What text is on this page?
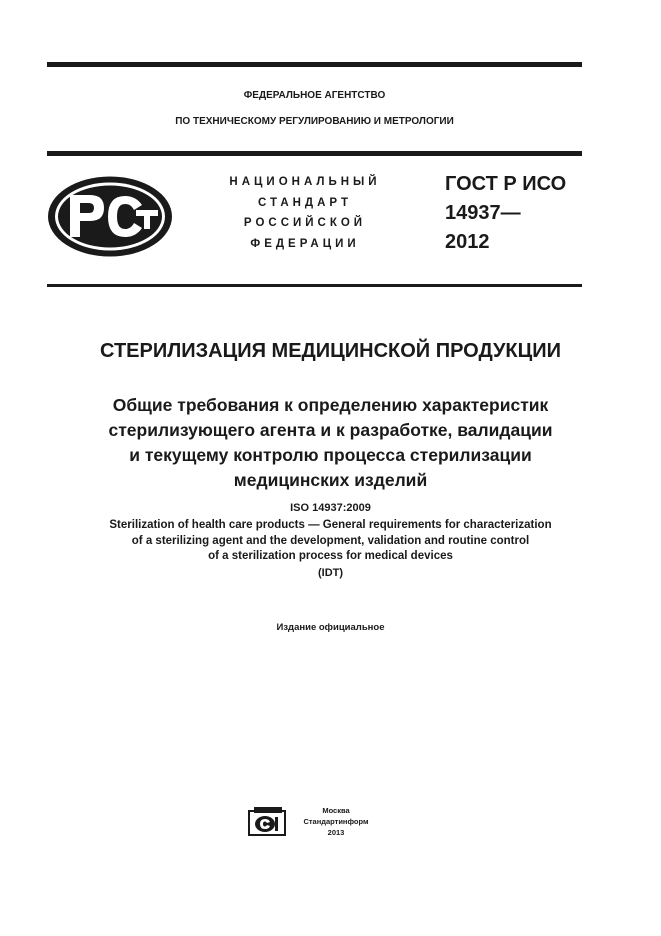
ФЕДЕРАЛЬНОЕ АГЕНТСТВО
ПО ТЕХНИЧЕСКОМУ РЕГУЛИРОВАНИЮ И МЕТРОЛОГИИ
НАЦИОНАЛЬНЫЙ
СТАНДАРТ
РОССИЙСКОЙ
ФЕДЕРАЦИИ
ГОСТ Р ИСО
14937—
2012
СТЕРИЛИЗАЦИЯ МЕДИЦИНСКОЙ ПРОДУКЦИИ
Общие требования к определению характеристик
стерилизующего агента и к разработке, валидации
и текущему контролю процесса стерилизации
медицинских изделий
ISO 14937:2009
Sterilization of health care products — General requirements for characterization
of a sterilizing agent and the development, validation and routine control
of a sterilization process for medical devices
(IDT)
Издание официальное
Москва
Стандартинформ
2013
